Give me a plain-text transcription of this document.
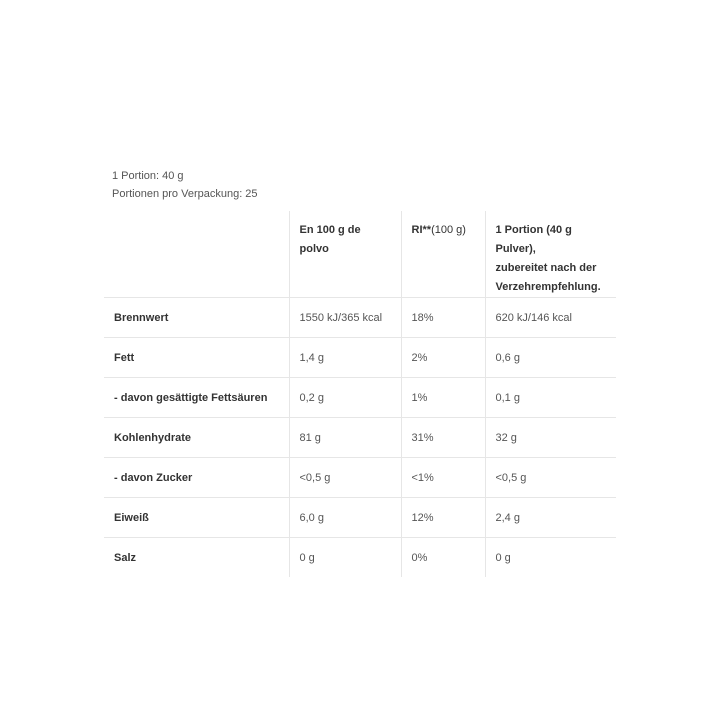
1 Portion: 40 g
Portionen pro Verpackung: 25
	En 100 g de polvo	RI**(100 g)	1 Portion (40 g Pulver),
zubereitet nach der
Verzehrempfehlung.

Brennwert	1550 kJ/365 kcal	18%	620 kJ/146 kcal
Fett	1,4 g	2%	0,6 g
- davon gesättigte Fettsäuren	0,2 g	1%	0,1 g
Kohlenhydrate	81 g	31%	32 g
- davon Zucker	<0,5 g	<1%	<0,5 g
Eiweiß	6,0 g	12%	2,4 g
Salz	0 g	0%	0 g
